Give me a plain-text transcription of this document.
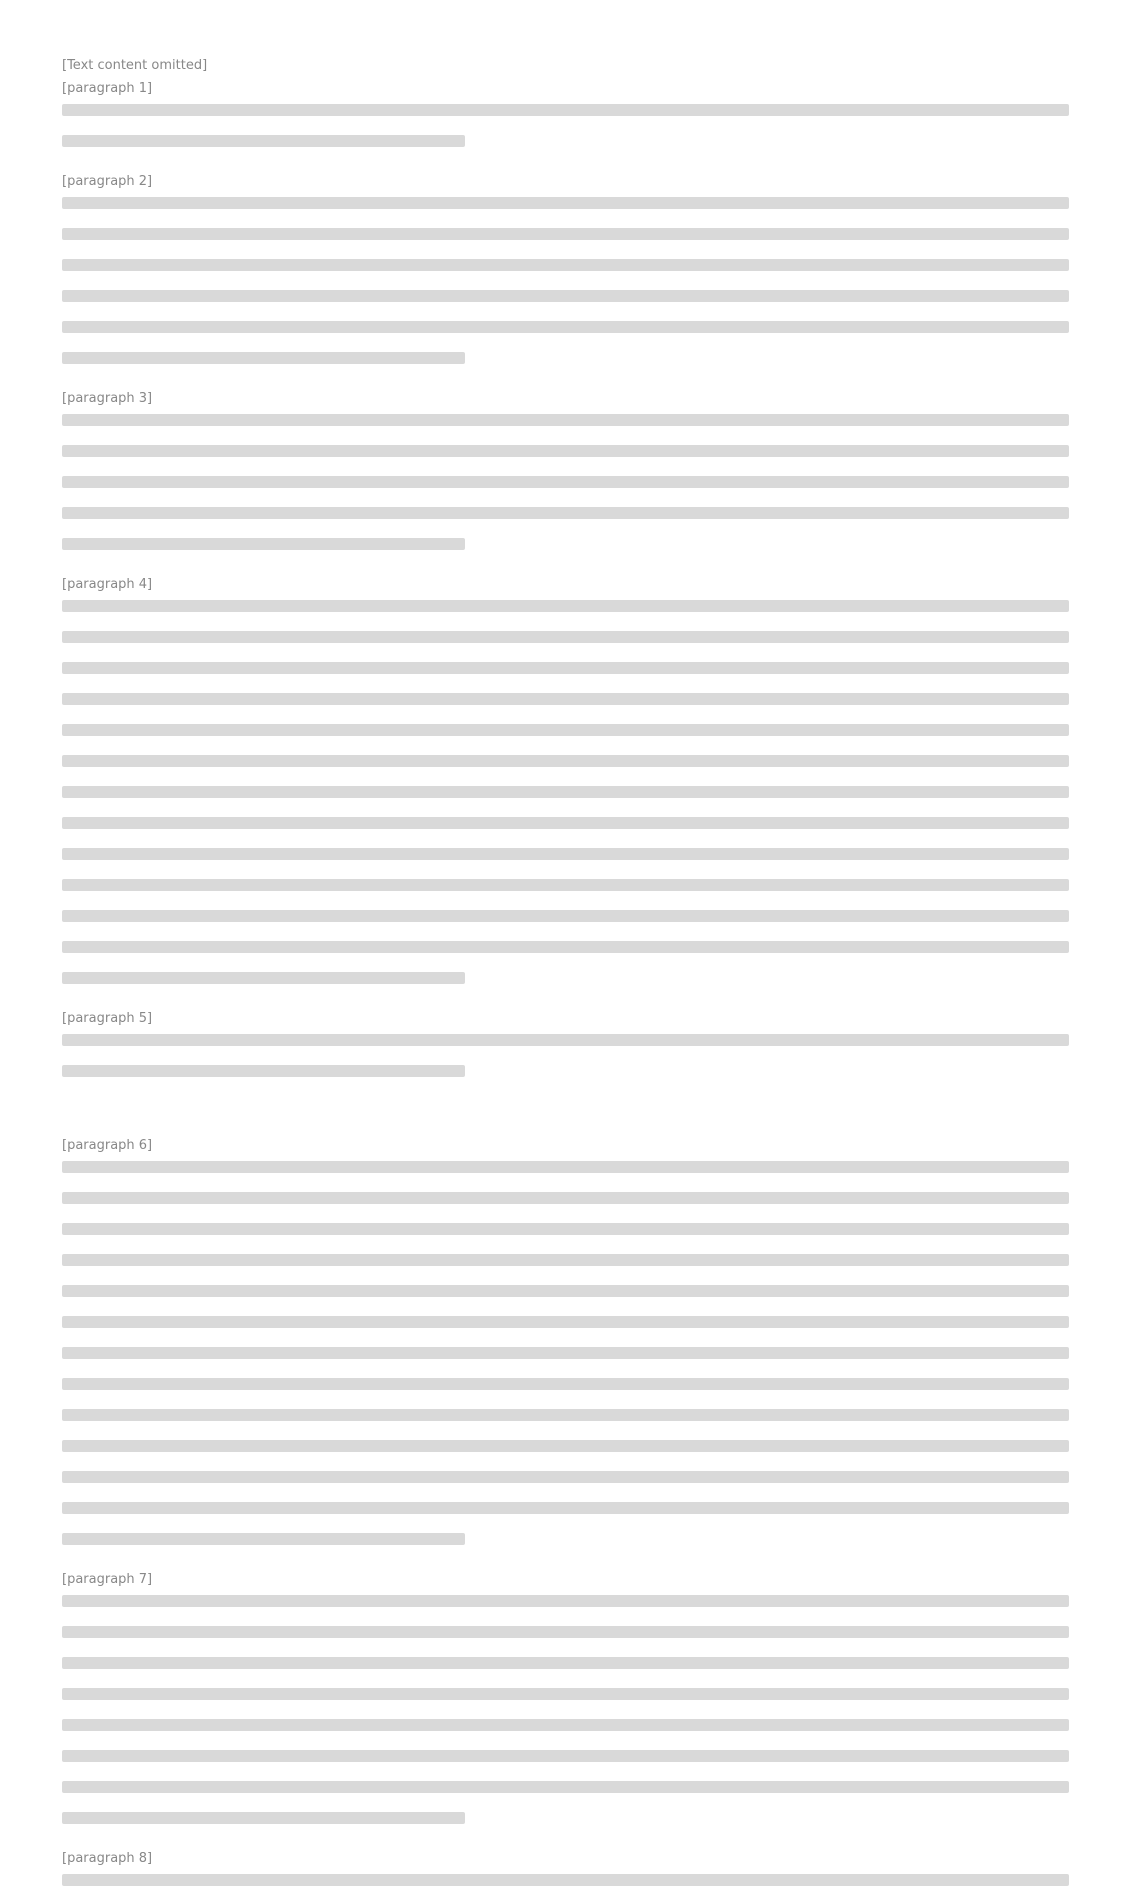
[Text content omitted]
[paragraph 1]
[paragraph 2]
[paragraph 3]
[paragraph 4]
[paragraph 5]
[paragraph 6]
[paragraph 7]
[paragraph 8]
